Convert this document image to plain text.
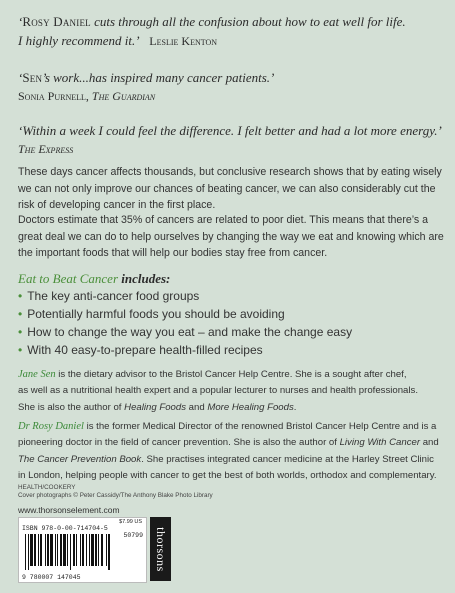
‘Rosy Daniel cuts through all the confusion about how to eat well for life.
I highly recommend it.’ Leslie Kenton
‘Sen’s work...has inspired many cancer patients.’
Sonia Purnell, The Guardian
‘Within a week I could feel the difference. I felt better and had a lot more energy.’
The Express
These days cancer affects thousands, but conclusive research shows that by eating wisely we can not only improve our chances of beating cancer, we can also considerably cut the risk of developing cancer in the first place.
Doctors estimate that 35% of cancers are related to poor diet. This means that there’s a great deal we can do to help ourselves by changing the way we eat and knowing which are the important foods that will help our bodies stay free from cancer.
Eat to Beat Cancer includes:
• The key anti-cancer food groups
• Potentially harmful foods you should be avoiding
• How to change the way you eat – and make the change easy
• With 40 easy-to-prepare health-filled recipes
Jane Sen is the dietary advisor to the Bristol Cancer Help Centre. She is a sought after chef,
as well as a nutritional health expert and a popular lecturer to nurses and health professionals.
She is also the author of Healing Foods and More Healing Foods.
Dr Rosy Daniel is the former Medical Director of the renowned Bristol Cancer Help Centre and is a
pioneering doctor in the field of cancer prevention. She is also the author of Living With Cancer and
The Cancer Prevention Book. She practises integrated cancer medicine at the Harley Street Clinic
in London, helping people with cancer to get the best of both worlds, orthodox and complementary.
HEALTH/COOKERY
Cover photographs © Peter Cassidy/The Anthony Blake Photo Library
www.thorsonselement.com
$7.99 US
ISBN 978-0-00-714704-5
50799
9 780007 147045
thorsons
